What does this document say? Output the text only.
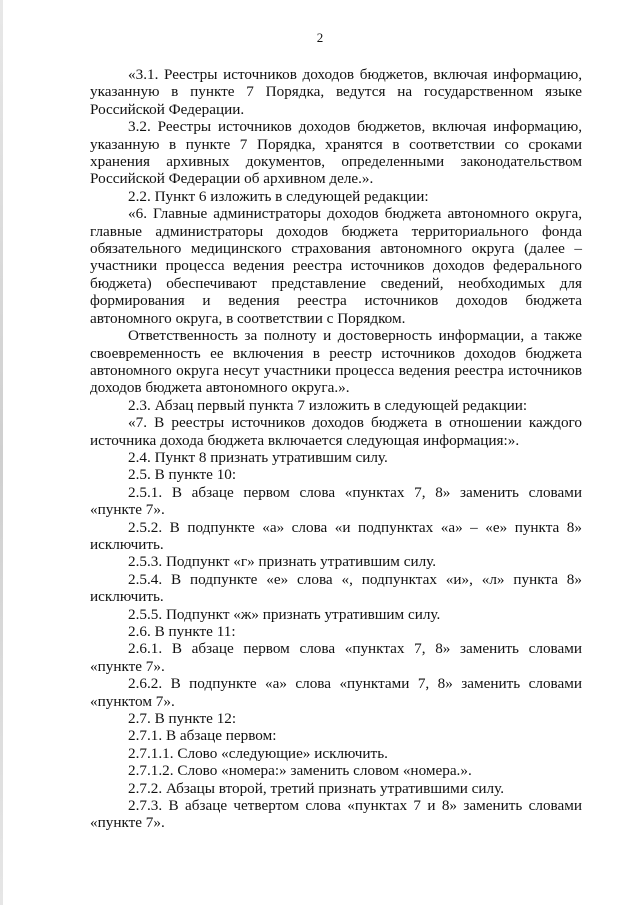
2

«3.1. Реестры источников доходов бюджетов, включая информацию, указанную в пункте 7 Порядка, ведутся на государственном языке Российской Федерации.

3.2. Реестры источников доходов бюджетов, включая информацию, указанную в пункте 7 Порядка, хранятся в соответствии со сроками хранения архивных документов, определенными законодательством Российской Федерации об архивном деле.».

2.2. Пункт 6 изложить в следующей редакции:

«6. Главные администраторы доходов бюджета автономного округа, главные администраторы доходов бюджета территориального фонда обязательного медицинского страхования автономного округа (далее – участники процесса ведения реестра источников доходов федерального бюджета) обеспечивают представление сведений, необходимых для формирования и ведения реестра источников доходов бюджета автономного округа, в соответствии с Порядком.

Ответственность за полноту и достоверность информации, а также своевременность ее включения в реестр источников доходов бюджета автономного округа несут участники процесса ведения реестра источников доходов бюджета автономного округа.».

2.3. Абзац первый пункта 7 изложить в следующей редакции:

«7. В реестры источников доходов бюджета в отношении каждого источника дохода бюджета включается следующая информация:».

2.4. Пункт 8 признать утратившим силу.

2.5. В пункте 10:

2.5.1. В абзаце первом слова «пунктах 7, 8» заменить словами «пункте 7».

2.5.2. В подпункте «а» слова «и подпунктах «а» – «е» пункта 8» исключить.

2.5.3. Подпункт «г» признать утратившим силу.

2.5.4. В подпункте «е» слова «, подпунктах «и», «л» пункта 8» исключить.

2.5.5. Подпункт «ж» признать утратившим силу.

2.6. В пункте 11:

2.6.1. В абзаце первом слова «пунктах 7, 8» заменить словами «пункте 7».

2.6.2. В подпункте «а» слова «пунктами 7, 8» заменить словами «пунктом 7».

2.7. В пункте 12:

2.7.1. В абзаце первом:

2.7.1.1. Слово «следующие» исключить.

2.7.1.2. Слово «номера:» заменить словом «номера.».

2.7.2. Абзацы второй, третий признать утратившими силу.

2.7.3. В абзаце четвертом слова «пунктах 7 и 8» заменить словами «пункте 7».
